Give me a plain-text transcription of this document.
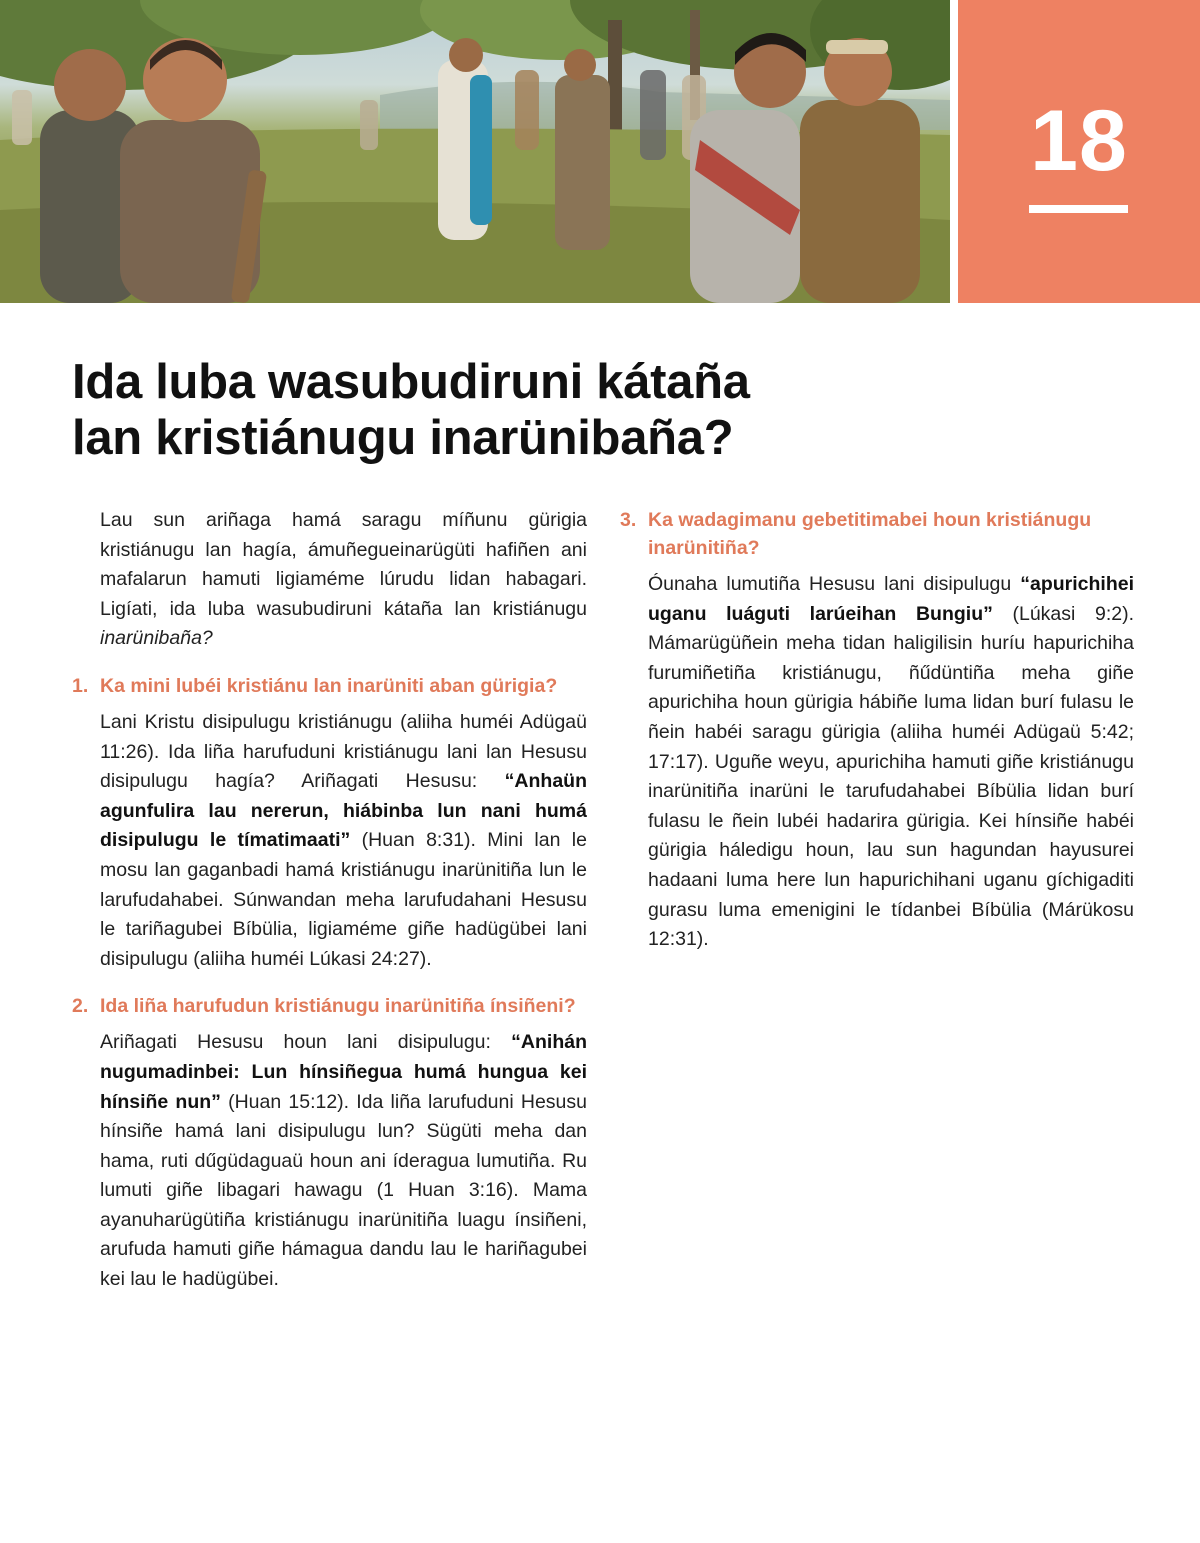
18
Ida luba wasubudiruni kátaña
lan kristiánugu inarünibaña?

Lau sun ariñaga hamá saragu míñunu gürigia kristiánugu lan hagía, ámuñegueinarügüti hafiñen ani mafalarun hamuti ligiaméme lúrudu lidan habagari. Ligíati, ida luba wasubudiruni kátaña lan kristiánugu inarünibaña?

1. Ka mini lubéi kristiánu lan inarüniti aban gürigia?

Lani Kristu disipulugu kristiánugu (aliiha huméi Adügaü 11:26). Ida liña harufuduni kristiánugu lani lan Hesusu disipulugu hagía? Ariñagati Hesusu: “Anhaün agunfulira lau nererun, hiábinba lun nani humá disipulugu le tímatimaati” (Huan 8:31). Mini lan le mosu lan gaganbadi hamá kristiánugu inarünitiña lun le larufudahabei. Súnwandan meha larufudahani Hesusu le tariñagubei Bíbülia, ligiaméme giñe hadügübei lani disipulugu (aliiha huméi Lúkasi 24:27).

2. Ida liña harufudun kristiánugu inarünitiña ínsiñeni?

Ariñagati Hesusu houn lani disipulugu: “Anihán nugumadinbei: Lun hínsiñegua humá hungua kei hínsiñe nun” (Huan 15:12). Ida liña larufuduni Hesusu hínsiñe hamá lani disipulugu lun? Sügüti meha dan hama, ruti dűgüdaguaü houn ani íderagua lumutiña. Ru lumuti giñe libagari hawagu (1 Huan 3:16). Mama ayanuharügütiña kristiánugu inarünitiña luagu ínsiñeni, arufuda hamuti giñe hámagua dandu lau le hariñagubei kei lau le hadügübei.

3. Ka wadagimanu gebetitimabei houn kristiánugu inarünitiña?

Óunaha lumutiña Hesusu lani disipulugu “apurichihei uganu luáguti larúeihan Bungiu” (Lúkasi 9:2). Mámarügüñein meha tidan haligilisin huríu hapurichiha furumiñetiña kristiánugu, ñűdüntiña meha giñe apurichiha houn gürigia hábiñe luma lidan burí fulasu le ñein habéi saragu gürigia (aliiha huméi Adügaü 5:42; 17:17). Uguñe weyu, apurichiha hamuti giñe kristiánugu inarünitiña inarüni le tarufudahabei Bíbülia lidan burí fulasu le ñein lubéi hadarira gürigia. Kei hínsiñe habéi gürigia háledigu houn, lau sun hagundan hayusurei hadaani luma here lun hapurichihani uganu gíchigaditi gurasu luma emenigini le tídanbei Bíbülia (Márükosu 12:31).
